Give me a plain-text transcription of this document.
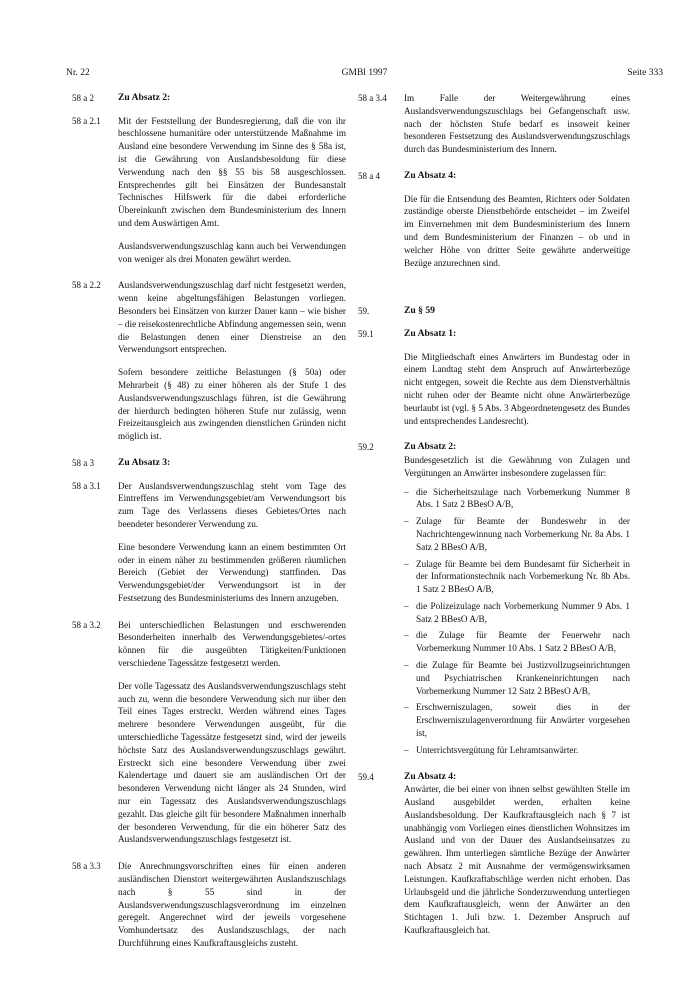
Nr. 22	GMBl 1997	Seite 333
58 a 2	Zu Absatz 2:
58 a 2.1 Mit der Feststellung der Bundesregierung, daß die von ihr beschlossene humanitäre oder unterstützende Maßnahme im Ausland eine besondere Verwendung im Sinne des § 58a ist, ist die Gewährung von Auslandsbesoldung für diese Verwendung nach den §§ 55 bis 58 ausgeschlossen. Entsprechendes gilt bei Einsätzen der Bundesanstalt Technisches Hilfswerk für die dabei erforderliche Übereinkunft zwischen dem Bundesministerium des Innern und dem Auswärtigen Amt.

Auslandsverwendungszuschlag kann auch bei Verwendungen von weniger als drei Monaten gewährt werden.

58 a 2.2 Auslandsverwendungszuschlag darf nicht festgesetzt werden, wenn keine abgeltungsfähigen Belastungen vorliegen. Besonders bei Einsätzen von kurzer Dauer kann – wie bisher – die reisekostenrechtliche Abfindung angemessen sein, wenn die Belastungen denen einer Dienstreise an den Verwendungsort entsprechen.

Sofern besondere zeitliche Belastungen (§ 50a) oder Mehrarbeit (§ 48) zu einer höheren als der Stufe 1 des Auslandsverwendungszuschlags führen, ist die Gewährung der hierdurch bedingten höheren Stufe nur zulässig, wenn Freizeitausgleich aus zwingenden dienstlichen Gründen nicht möglich ist.

58 a 3	Zu Absatz 3:
58 a 3.1 Der Auslandsverwendungszuschlag steht vom Tage des Eintreffens im Verwendungsgebiet/am Verwendungsort bis zum Tage des Verlassens dieses Gebietes/Ortes nach beendeter besonderer Verwendung zu.

Eine besondere Verwendung kann an einem bestimmten Ort oder in einem näher zu bestimmenden größeren räumlichen Bereich (Gebiet der Verwendung) stattfinden. Das Verwendungsgebiet/der Verwendungsort ist in der Festsetzung des Bundesministeriums des Innern anzugeben.

58 a 3.2 Bei unterschiedlichen Belastungen und erschwerenden Besonderheiten innerhalb des Verwendungsgebietes/-ortes können für die ausgeübten Tätigkeiten/Funktionen verschiedene Tagessätze festgesetzt werden.

Der volle Tagessatz des Auslandsverwendungszuschlags steht auch zu, wenn die besondere Verwendung sich nur über den Teil eines Tages erstreckt. Werden während eines Tages mehrere besondere Verwendungen ausgeübt, für die unterschiedliche Tagessätze festgesetzt sind, wird der jeweils höchste Satz des Auslandsverwendungszuschlags gewährt. Erstreckt sich eine besondere Verwendung über zwei Kalendertage und dauert sie am ausländischen Ort der besonderen Verwendung nicht länger als 24 Stunden, wird nur ein Tagessatz des Auslandsverwendungszuschlags gezahlt. Das gleiche gilt für besondere Maßnahmen innerhalb der besonderen Verwendung, für die ein höherer Satz des Auslandsverwendungszuschlags festgesetzt ist.

58 a 3.3 Die Anrechnungsvorschriften eines für einen anderen ausländischen Dienstort weitergewährten Auslandszuschlags nach § 55 sind in der Auslandsverwendungszuschlagsverordnung im einzelnen geregelt. Angerechnet wird der jeweils vorgesehene Vomhundertsatz des Auslandszuschlags, der nach Durchführung eines Kaufkraftausgleichs zusteht.

58 a 3.4 Im Falle der Weitergewährung eines Auslandsverwendungszuschlags bei Gefangenschaft usw. nach der höchsten Stufe bedarf es insoweit keiner besonderen Festsetzung des Auslandsverwendungszuschlags durch das Bundesministerium des Innern.

58 a 4	Zu Absatz 4:

Die für die Entsendung des Beamten, Richters oder Soldaten zuständige oberste Dienstbehörde entscheidet – im Zweifel im Einvernehmen mit dem Bundesministerium des Innern und dem Bundesministerium der Finanzen – ob und in welcher Höhe von dritter Seite gewährte anderweitige Bezüge anzurechnen sind.

59.	Zu § 59
59.1	Zu Absatz 1:

Die Mitgliedschaft eines Anwärters im Bundestag oder in einem Landtag steht dem Anspruch auf Anwärterbezüge nicht entgegen, soweit die Rechte aus dem Dienstverhältnis nicht ruhen oder der Beamte nicht ohne Anwärterbezüge beurlaubt ist (vgl. § 5 Abs. 3 Abgeordnetengesetz des Bundes und entsprechendes Landesrecht).

59.2	Zu Absatz 2:

Bundesgesetzlich ist die Gewährung von Zulagen und Vergütungen an Anwärter insbesondere zugelassen für:

– die Sicherheitszulage nach Vorbemerkung Nummer 8 Abs. 1 Satz 2 BBesO A/B,
– Zulage für Beamte der Bundeswehr in der Nachrichtengewinnung nach Vorbemerkung Nr. 8a Abs. 1 Satz 2 BBesO A/B,
– Zulage für Beamte bei dem Bundesamt für Sicherheit in der Informationstechnik nach Vorbemerkung Nr. 8b Abs. 1 Satz 2 BBesO A/B,
– die Polizeizulage nach Vorbemerkung Nummer 9 Abs. 1 Satz 2 BBesO A/B,
– die Zulage für Beamte der Feuerwehr nach Vorbemerkung Nummer 10 Abs. 1 Satz 2 BBesO A/B,
– die Zulage für Beamte bei Justizvollzugseinrichtungen und Psychiatrischen Krankeneinrichtungen nach Vorbemerkung Nummer 12 Satz 2 BBesO A/B,
– Erschwerniszulagen, soweit dies in der Erschwerniszulagenverordnung für Anwärter vorgesehen ist,
– Unterrichtsvergütung für Lehramtsanwärter.
59.4	Zu Absatz 4:

Anwärter, die bei einer von ihnen selbst gewählten Stelle im Ausland ausgebildet werden, erhalten keine Auslandsbesoldung. Der Kaufkraftausgleich nach § 7 ist unabhängig vom Vorliegen eines dienstlichen Wohnsitzes im Ausland und von der Dauer des Auslandseinsatzes zu gewähren. Ihm unterliegen sämtliche Bezüge der Anwärter nach Absatz 2 mit Ausnahme der vermögenswirksamen Leistungen. Kaufkraftabschläge werden nicht erhoben. Das Urlaubsgeld und die jährliche Sonderzuwendung unterliegen dem Kaufkraftausgleich, wenn der Anwärter an den Stichtagen 1. Juli bzw. 1. Dezember Anspruch auf Kaufkraftausgleich hat.
